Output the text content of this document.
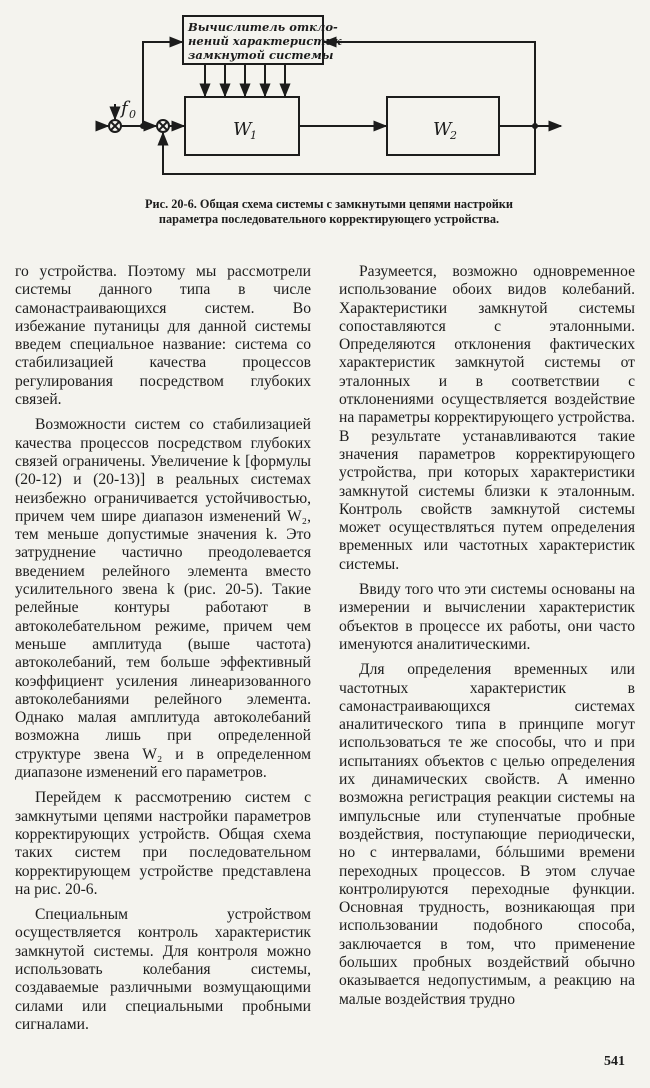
Вычислитель откло-
нений характеристик
замкнутой системы
f 0
W
1	W
2
Рис. 20-6. Общая схема системы с замкнутыми цепями настройки параметра последовательного корректирующего устройства.

го устройства. Поэтому мы рассмотрели системы данного типа в числе самонастраивающихся систем. Во избежание путаницы для данной системы введем специальное название: система со стабилизацией качества процессов регулирования посредством глубоких связей.

Возможности систем со стабилизацией качества процессов посредством глубоких связей ограничены. Увеличение k [формулы (20-12) и (20-13)] в реальных системах неизбежно ограничивается устойчивостью, причем чем шире диапазон изменений W₂, тем меньше допустимые значения k. Это затруднение частично преодолевается введением релейного элемента вместо усилительного звена k (рис. 20-5). Такие релейные контуры работают в автоколебательном режиме, причем чем меньше амплитуда (выше частота) автоколебаний, тем больше эффективный коэффициент усиления линеаризованного автоколебаниями релейного элемента. Однако малая амплитуда автоколебаний возможна лишь при определенной структуре звена W₂ и в определенном диапазоне изменений его параметров.

Перейдем к рассмотрению систем с замкнутыми цепями настройки параметров корректирующих устройств. Общая схема таких систем при последовательном корректирующем устройстве представлена на рис. 20-6.

Специальным устройством осуществляется контроль характеристик замкнутой системы. Для контроля можно использовать колебания системы, создаваемые различными возмущающими силами или специальными пробными сигналами.

Разумеется, возможно одновременное использование обоих видов колебаний. Характеристики замкнутой системы сопоставляются с эталонными. Определяются отклонения фактических характеристик замкнутой системы от эталонных и в соответствии с отклонениями осуществляется воздействие на параметры корректирующего устройства. В результате устанавливаются такие значения параметров корректирующего устройства, при которых характеристики замкнутой системы близки к эталонным. Контроль свойств замкнутой системы может осуществляться путем определения временных или частотных характеристик системы.

Ввиду того что эти системы основаны на измерении и вычислении характеристик объектов в процессе их работы, они часто именуются аналитическими.

Для определения временных или частотных характеристик в самонастраивающихся системах аналитического типа в принципе могут использоваться те же способы, что и при испытаниях объектов с целью определения их динамических свойств. А именно возможна регистрация реакции системы на импульсные или ступенчатые пробные воздействия, поступающие периодически, но с интервалами, бóльшими времени переходных процессов. В этом случае контролируются переходные функции. Основная трудность, возникающая при использовании подобного способа, заключается в том, что применение больших пробных воздействий обычно оказывается недопустимым, а реакцию на малые воздействия трудно

541
